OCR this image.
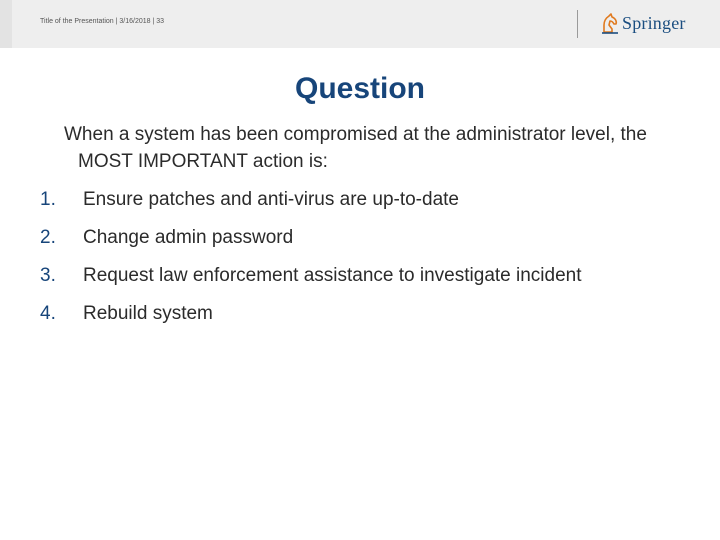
Title of the Presentation | 3/16/2018 | 33	Springer
Question
When a system has been compromised at the administrator level, the MOST IMPORTANT action is:
1.	Ensure patches and anti-virus are up-to-date
2.	Change admin password
3.	Request law enforcement assistance to investigate incident
4.	Rebuild system
